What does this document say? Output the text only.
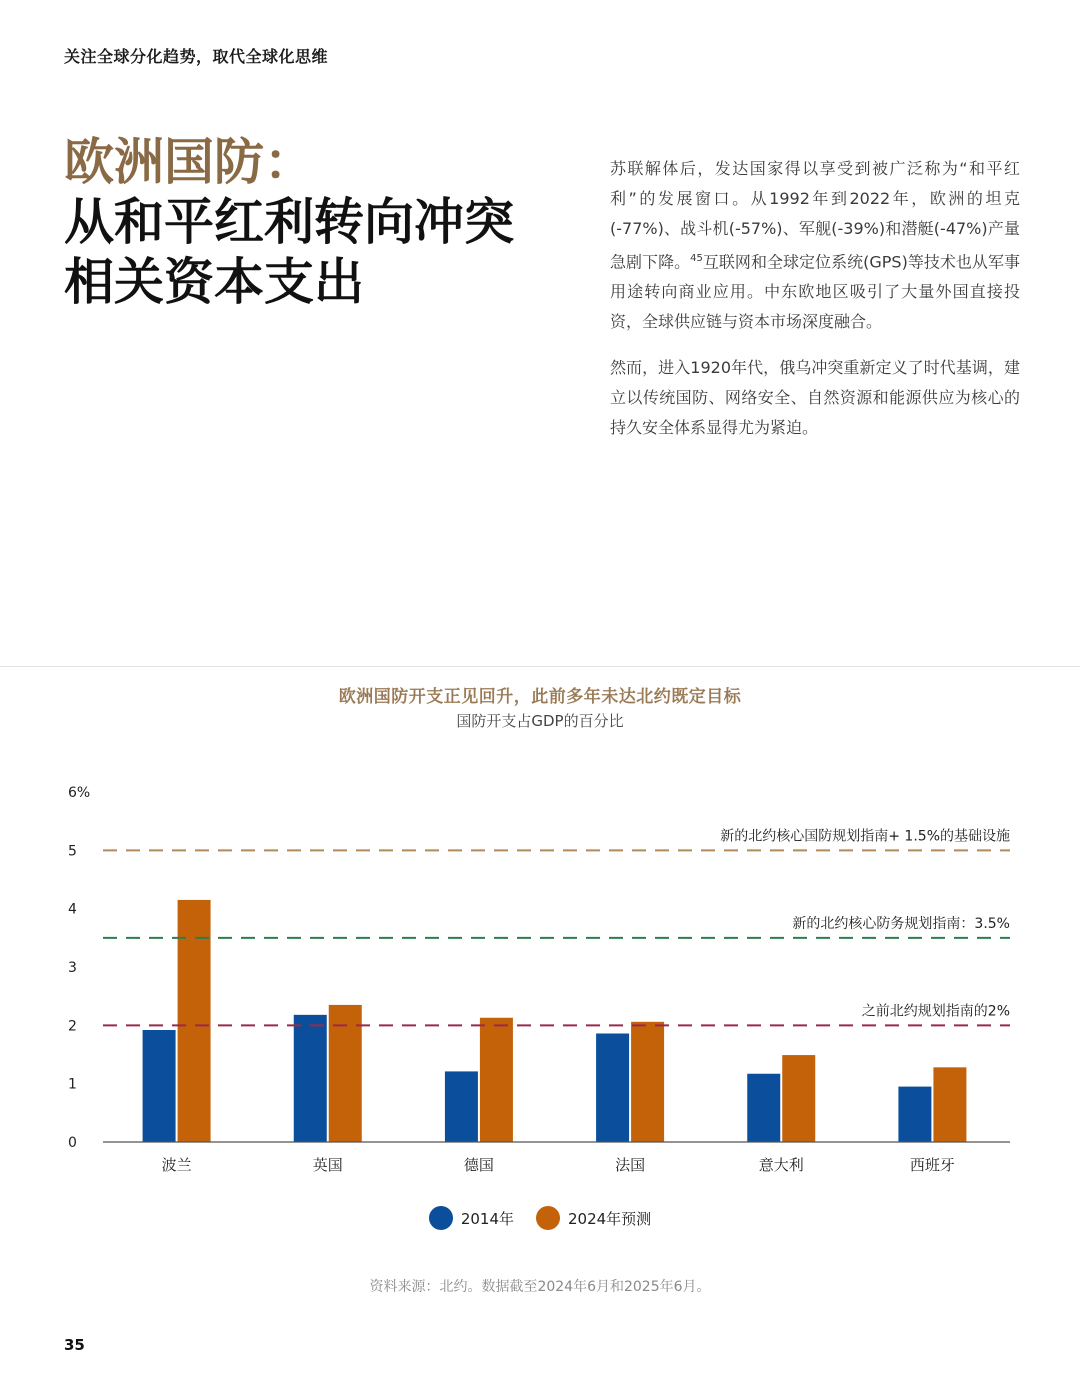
关注全球分化趋势，取代全球化思维
欧洲国防：
从和平红利转向冲突
相关资本支出

苏联解体后，发达国家得以享受到被广泛称为“和平红利”的发展窗口。从1992年到2022年，欧洲的坦克(-77%)、战斗机(-57%)、军舰(-39%)和潜艇(-47%)产量急剧下降。$^{45}$互联网和全球定位系统(GPS)等技术也从军事用途转向商业应用。中东欧地区吸引了大量外国直接投资，全球供应链与资本市场深度融合。

然而，进入1920年代，俄乌冲突重新定义了时代基调，建立以传统国防、网络安全、自然资源和能源供应为核心的持久安全体系显得尤为紧迫。

欧洲国防开支正见回升，此前多年未达北约既定目标
国防开支占GDP的百分比
0
1
2
3
4
5
6%
波兰	英国	德国	法国	意大利	西班牙
新的北约核心国防规划指南+ 1.5%的基础设施
新的北约核心防务规划指南：3.5%
之前北约规划指南的2%
2014年	2024年预测
资料来源：北约。数据截至2024年6月和2025年6月。
35
